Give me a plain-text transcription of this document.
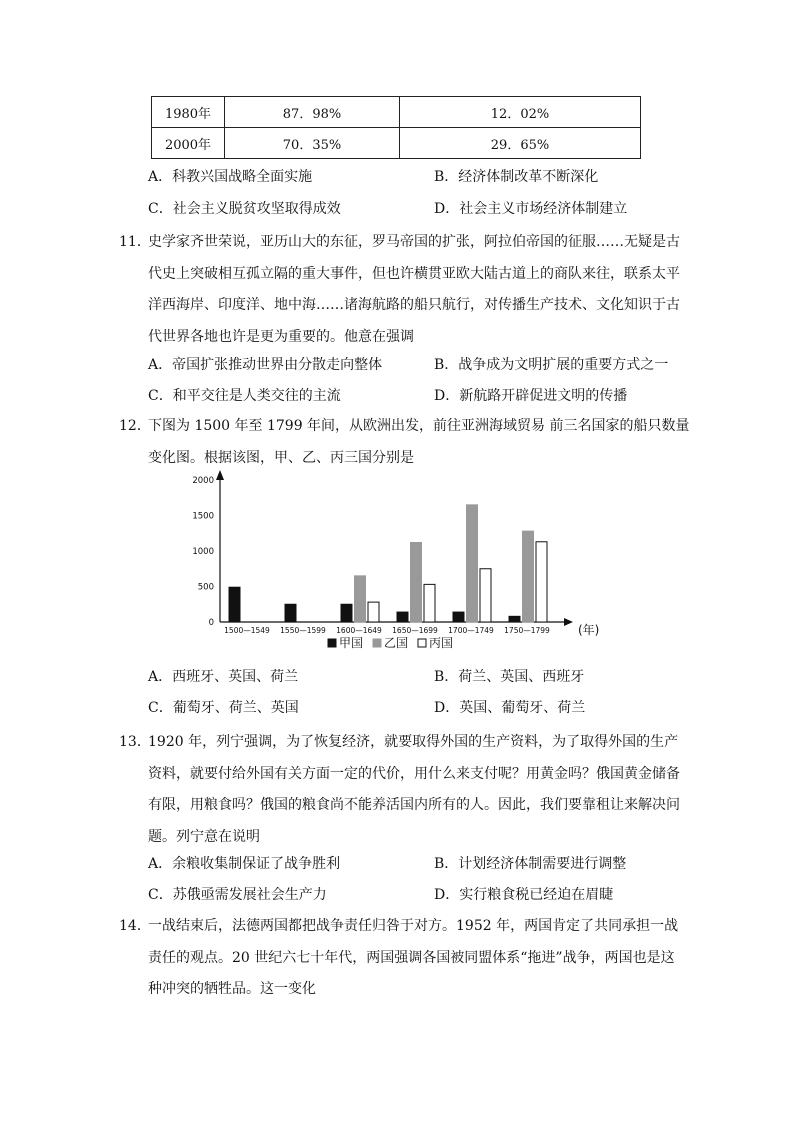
1980年	87．98%	12．02%
2000年	70．35%	29．65%
A．科教兴国战略全面实施	B．经济体制改革不断深化
C．社会主义脱贫攻坚取得成效	D．社会主义市场经济体制建立
11．
史学家齐世荣说，亚历山大的东征，罗马帝国的扩张，阿拉伯帝国的征服……无疑是古
代史上突破相互孤立隔的重大事件，但也许横贯亚欧大陆古道上的商队来往，联系太平
洋西海岸、印度洋、地中海……诸海航路的船只航行，对传播生产技术、文化知识于古
代世界各地也许是更为重要的。他意在强调
A．帝国扩张推动世界由分散走向整体	B．战争成为文明扩展的重要方式之一
C．和平交往是人类交往的主流	D．新航路开辟促进文明的传播
12．
下图为 1500 年至 1799 年间，从欧洲出发，前往亚洲海域贸易 前三名国家的船只数量
变化图。根据该图，甲、乙、丙三国分别是
0
500
1000
1500
2000
1500—1549 1550—1599 1600—1649 1650—1699 1700—1749 1750—1799 (年)
甲国 乙国 丙国
A．西班牙、英国、荷兰	B．荷兰、英国、西班牙
C．葡萄牙、荷兰、英国	D．英国、葡萄牙、荷兰
13．
1920 年，列宁强调，为了恢复经济，就要取得外国的生产资料，为了取得外国的生产
资料，就要付给外国有关方面一定的代价，用什么来支付呢？用黄金吗？俄国黄金储备
有限，用粮食吗？俄国的粮食尚不能养活国内所有的人。因此，我们要靠租让来解决问
题。列宁意在说明
A．余粮收集制保证了战争胜利	B．计划经济体制需要进行调整
C．苏俄亟需发展社会生产力	D．实行粮食税已经迫在眉睫
14．
一战结束后，法德两国都把战争责任归咎于对方。1952 年，两国肯定了共同承担一战
责任的观点。20 世纪六七十年代，两国强调各国被同盟体系“拖进”战争，两国也是这
种冲突的牺牲品。这一变化
